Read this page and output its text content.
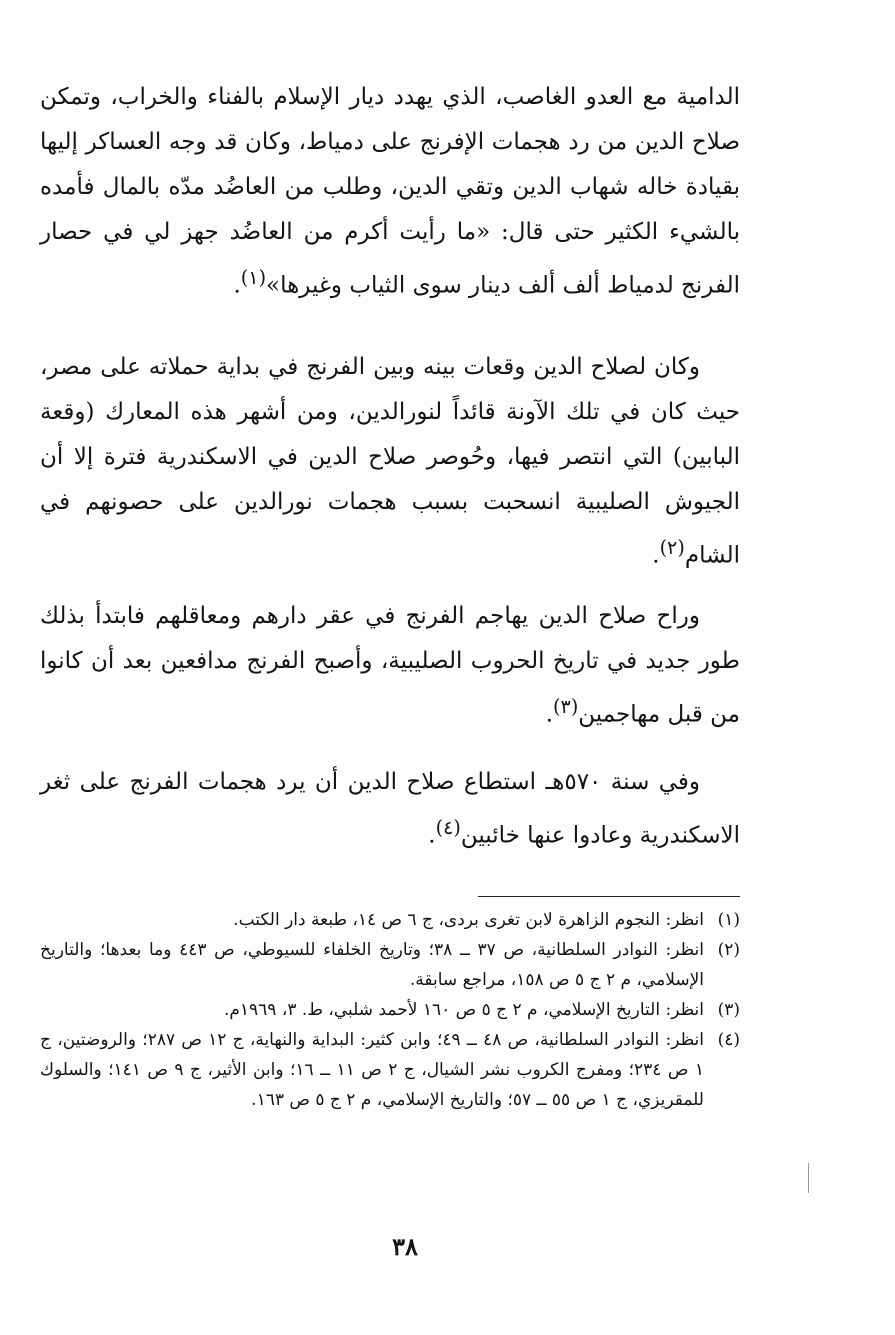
الدامية مع العدو الغاصب، الذي يهدد ديار الإسلام بالفناء والخراب، وتمكن صلاح الدين من رد هجمات الإفرنج على دمياط، وكان قد وجه العساكر إليها بقيادة خاله شهاب الدين وتقي الدين، وطلب من العاضُد مدّه بالمال فأمده بالشيء الكثير حتى قال: «ما رأيت أكرم من العاضُد جهز لي في حصار الفرنج لدمياط ألف ألف دينار سوى الثياب وغيرها»$^{(١)}$.

وكان لصلاح الدين وقعات بينه وبين الفرنج في بداية حملاته على مصر، حيث كان في تلك الآونة قائداً لنورالدين، ومن أشهر هذه المعارك (وقعة البابين) التي انتصر فيها، وحُوصر صلاح الدين في الاسكندرية فترة إلا أن الجيوش الصليبية انسحبت بسبب هجمات نورالدين على حصونهم في الشام$^{(٢)}$.

وراح صلاح الدين يهاجم الفرنج في عقر دارهم ومعاقلهم فابتدأ بذلك طور جديد في تاريخ الحروب الصليبية، وأصبح الفرنج مدافعين بعد أن كانوا من قبل مهاجمين$^{(٣)}$.

وفي سنة ٥٧٠هـ استطاع صلاح الدين أن يرد هجمات الفرنج على ثغر الاسكندرية وعادوا عنها خائبين$^{(٤)}$.

(١)
انظر: النجوم الزاهرة لابن تغرى بردى، ج ٦ ص ١٤، طبعة دار الكتب.
(٢)
انظر: النوادر السلطانية، ص ٣٧ ــ ٣٨؛ وتاريخ الخلفاء للسيوطي، ص ٤٤٣ وما بعدها؛ والتاريخ الإسلامي، م ٢ ج ٥ ص ١٥٨، مراجع سابقة.
(٣)
انظر: التاريخ الإسلامي، م ٢ ج ٥ ص ١٦٠ لأحمد شلبي، ط. ٣، ١٩٦٩م.
(٤)
انظر: النوادر السلطانية، ص ٤٨ ــ ٤٩؛ وابن كثير: البداية والنهاية، ج ١٢ ص ٢٨٧؛ والروضتين، ج ١ ص ٢٣٤؛ ومفرج الكروب نشر الشيال، ج ٢ ص ١١ ــ ١٦؛ وابن الأثير، ج ٩ ص ١٤١؛ والسلوك للمقريزي، ج ١ ص ٥٥ ــ ٥٧؛ والتاريخ الإسلامي، م ٢ ج ٥ ص ١٦٣.
٣٨
